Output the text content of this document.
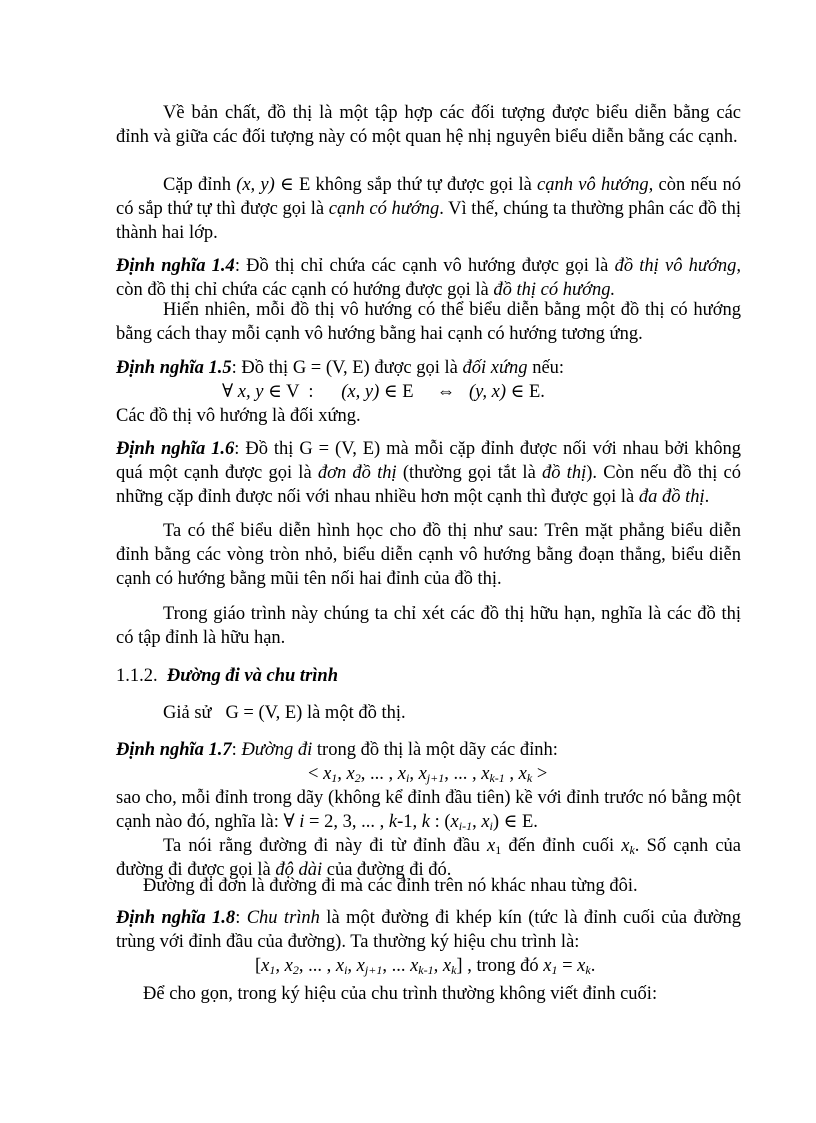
Về bản chất, đồ thị là một tập hợp các đối tượng được biểu diễn bằng các đỉnh và giữa các đối tượng này có một quan hệ nhị nguyên biểu diễn bằng các cạnh.

Cặp đỉnh (x, y) ∈ E không sắp thứ tự được gọi là cạnh vô hướng, còn nếu nó có sắp thứ tự thì được gọi là cạnh có hướng. Vì thế, chúng ta thường phân các đồ thị thành hai lớp.

Định nghĩa 1.4: Đồ thị chỉ chứa các cạnh vô hướng được gọi là đồ thị vô hướng, còn đồ thị chỉ chứa các cạnh có hướng được gọi là đồ thị có hướng.

Hiển nhiên, mỗi đồ thị vô hướng có thể biểu diễn bằng một đồ thị có hướng bằng cách thay mỗi cạnh vô hướng bằng hai cạnh có hướng tương ứng.

Định nghĩa 1.5: Đồ thị G = (V, E) được gọi là đối xứng nếu:

∀ x, y ∈ V  :      (x, y) ∈ E     ⇔   (y, x) ∈ E.

Các đồ thị vô hướng là đối xứng.

Định nghĩa 1.6: Đồ thị G = (V, E) mà mỗi cặp đỉnh được nối với nhau bởi không quá một cạnh được gọi là đơn đồ thị (thường gọi tắt là đồ thị). Còn nếu đồ thị có những cặp đỉnh được nối với nhau nhiều hơn một cạnh thì được gọi là đa đồ thị.

Ta có thể biểu diễn hình học cho đồ thị như sau: Trên mặt phẳng biểu diễn đỉnh bằng các vòng tròn nhỏ, biểu diễn cạnh vô hướng bằng đoạn thẳng, biểu diễn cạnh có hướng bằng mũi tên nối hai đỉnh của đồ thị.

Trong giáo trình này chúng ta chỉ xét các đồ thị hữu hạn, nghĩa là các đồ thị có tập đỉnh là hữu hạn.

1.1.2.  Đường đi và chu trình

Giả sử   G = (V, E) là một đồ thị.

Định nghĩa 1.7: Đường đi trong đồ thị là một dãy các đỉnh:

< $x_1$, $x_2$, ... , $x_i$, $x_{j+1}$, ... , $x_{k-1}$ , $x_k$ >

sao cho, mỗi đỉnh trong dãy (không kể đỉnh đầu tiên) kề với đỉnh trước nó bằng một cạnh nào đó, nghĩa là: ∀ i = 2, 3, ... , k-1, k : ($x_{i-1}$, $x_i$) ∈ E.

Ta nói rằng đường đi này đi từ đỉnh đầu $x_1$ đến đỉnh cuối $x_k$. Số cạnh của đường đi được gọi là độ dài của đường đi đó.

Đường đi đơn là đường đi mà các đỉnh trên nó khác nhau từng đôi.

Định nghĩa 1.8: Chu trình là một đường đi khép kín (tức là đỉnh cuối của đường trùng với đỉnh đầu của đường). Ta thường ký hiệu chu trình là:

[$x_1$, $x_2$, ... , $x_i$, $x_{j+1}$, ... $x_{k-1}$, $x_k$] , trong đó $x_1 = x_k$.

Để cho gọn, trong ký hiệu của chu trình thường không viết đỉnh cuối:
